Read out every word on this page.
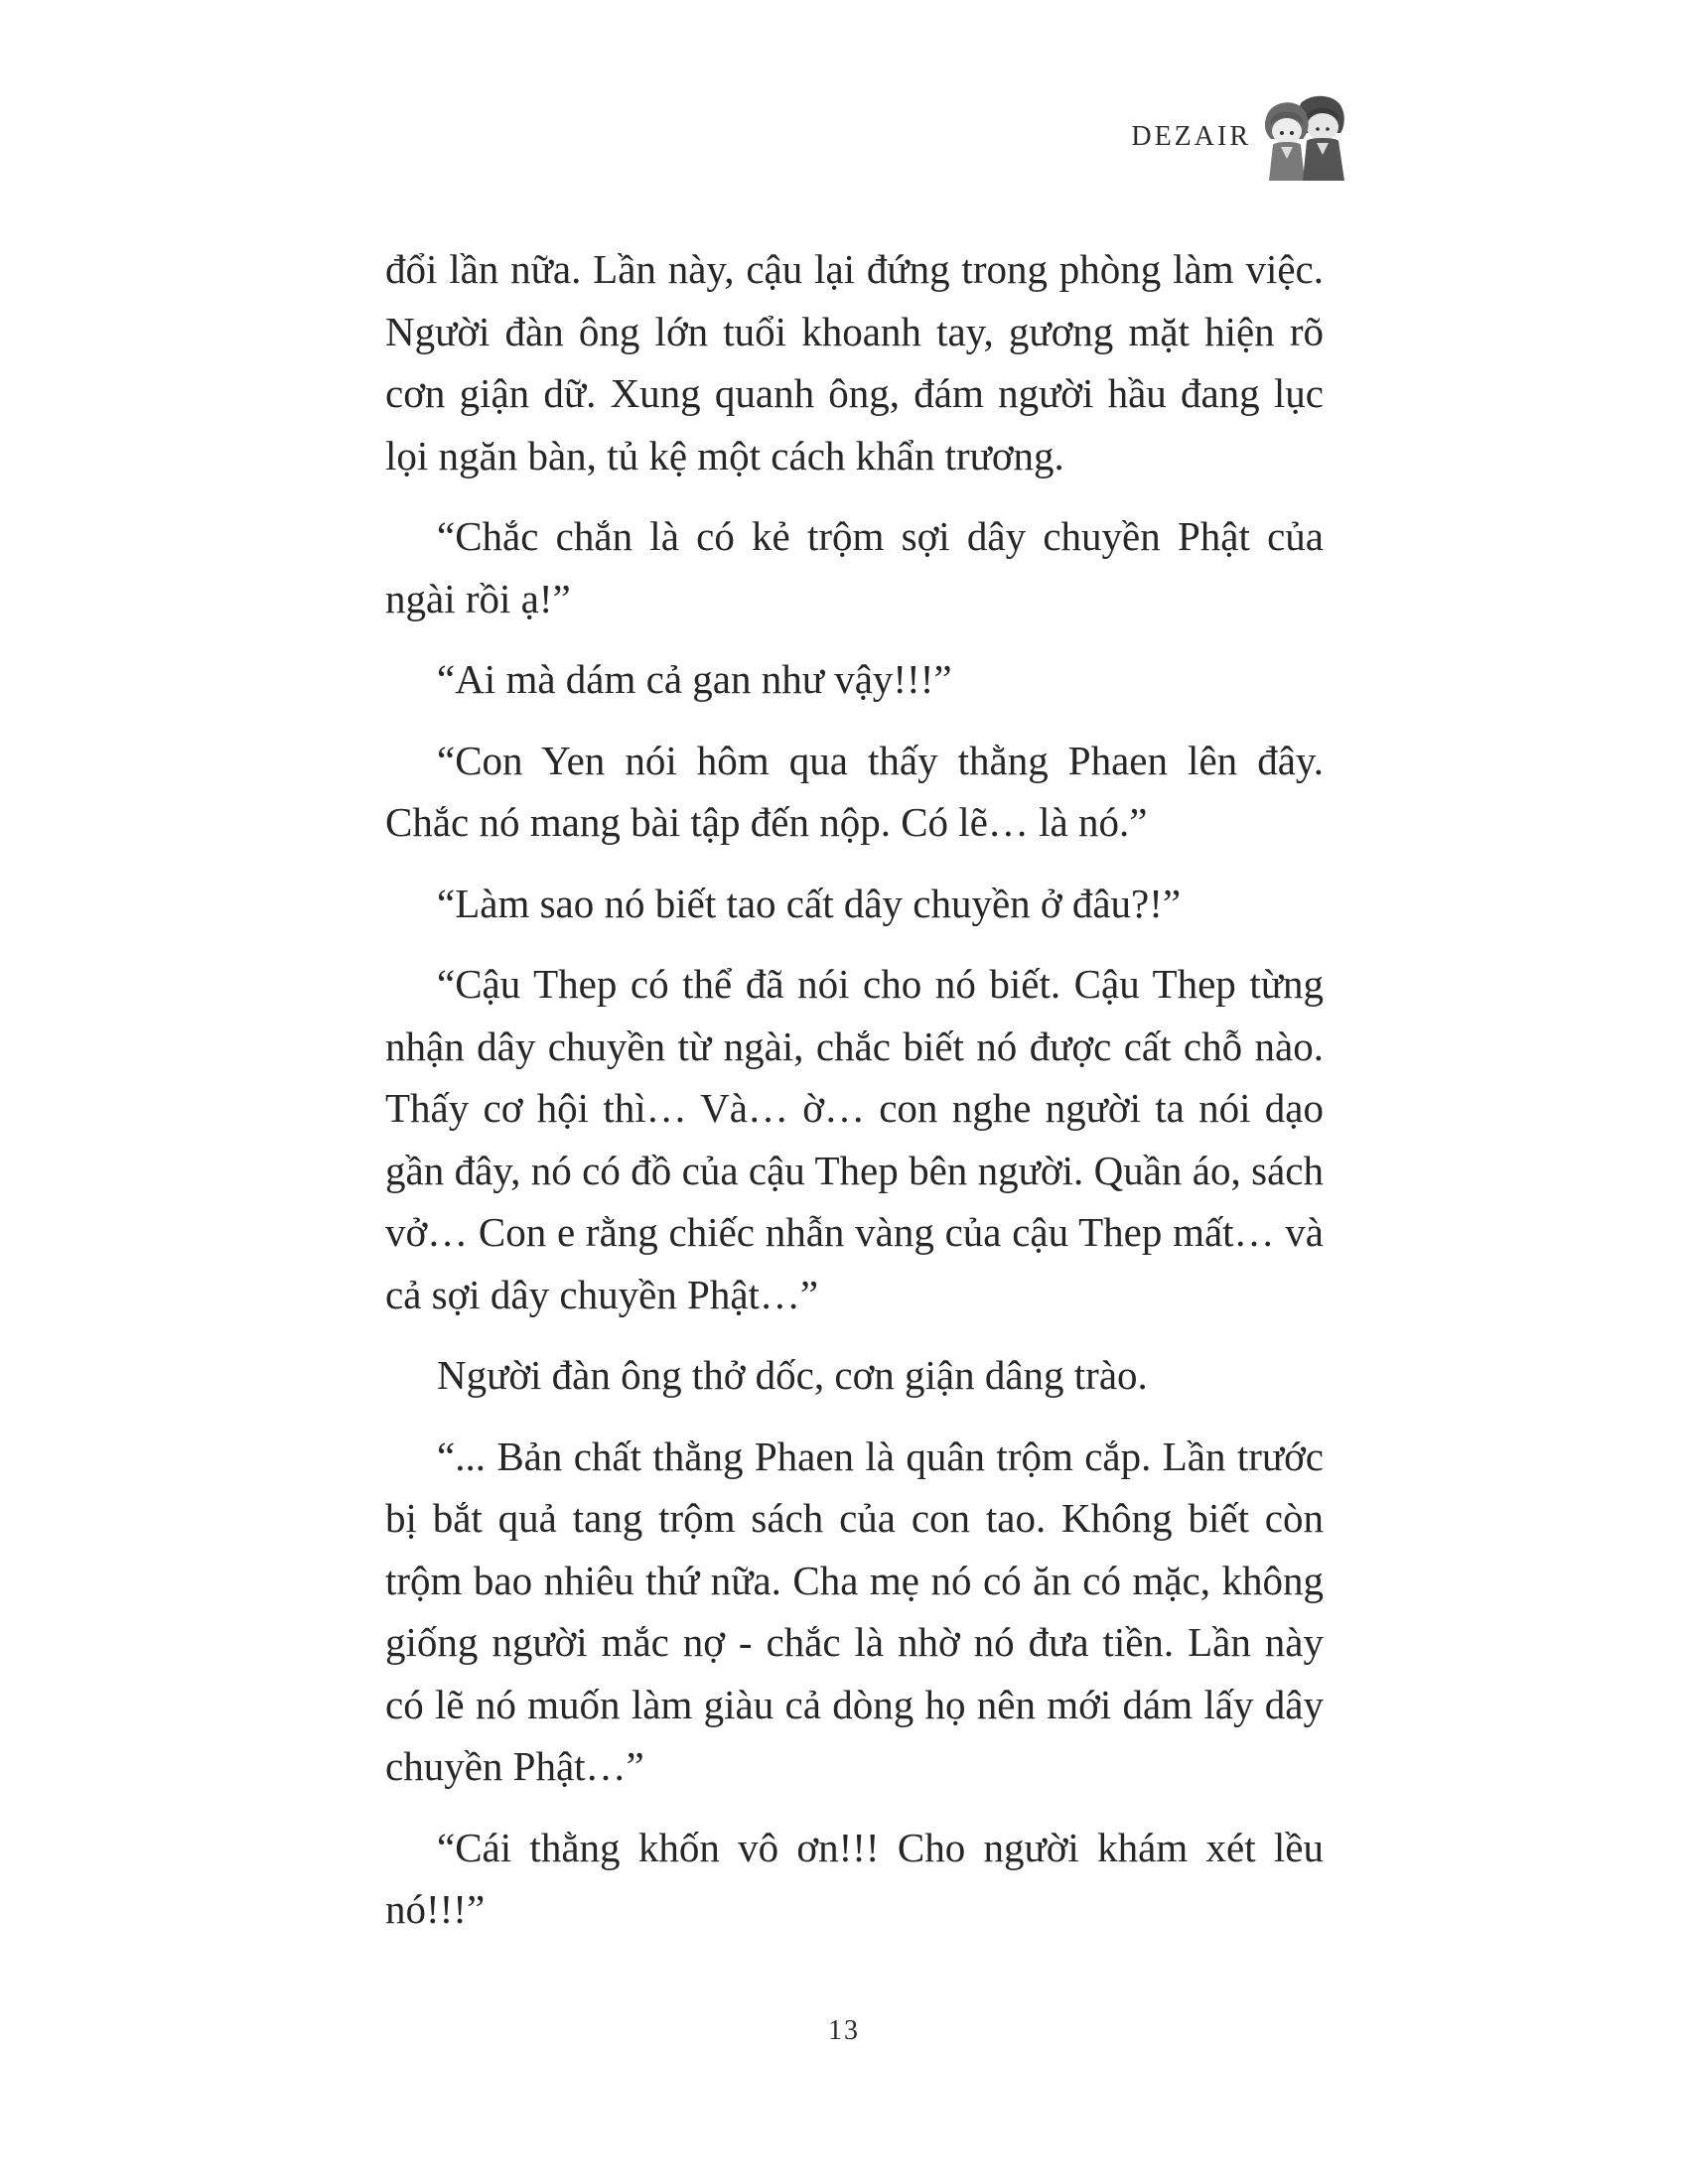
DEZAIR

đổi lần nữa. Lần này, cậu lại đứng trong phòng làm việc. Người đàn ông lớn tuổi khoanh tay, gương mặt hiện rõ cơn giận dữ. Xung quanh ông, đám người hầu đang lục lọi ngăn bàn, tủ kệ một cách khẩn trương.

“Chắc chắn là có kẻ trộm sợi dây chuyền Phật của ngài rồi ạ!”

“Ai mà dám cả gan như vậy!!!”

“Con Yen nói hôm qua thấy thằng Phaen lên đây. Chắc nó mang bài tập đến nộp. Có lẽ… là nó.”

“Làm sao nó biết tao cất dây chuyền ở đâu?!”

“Cậu Thep có thể đã nói cho nó biết. Cậu Thep từng nhận dây chuyền từ ngài, chắc biết nó được cất chỗ nào. Thấy cơ hội thì… Và… ờ… con nghe người ta nói dạo gần đây, nó có đồ của cậu Thep bên người. Quần áo, sách vở… Con e rằng chiếc nhẫn vàng của cậu Thep mất… và cả sợi dây chuyền Phật…”

Người đàn ông thở dốc, cơn giận dâng trào.

“... Bản chất thằng Phaen là quân trộm cắp. Lần trước bị bắt quả tang trộm sách của con tao. Không biết còn trộm bao nhiêu thứ nữa. Cha mẹ nó có ăn có mặc, không giống người mắc nợ - chắc là nhờ nó đưa tiền. Lần này có lẽ nó muốn làm giàu cả dòng họ nên mới dám lấy dây chuyền Phật…”

“Cái thằng khốn vô ơn!!! Cho người khám xét lều nó!!!”

13
